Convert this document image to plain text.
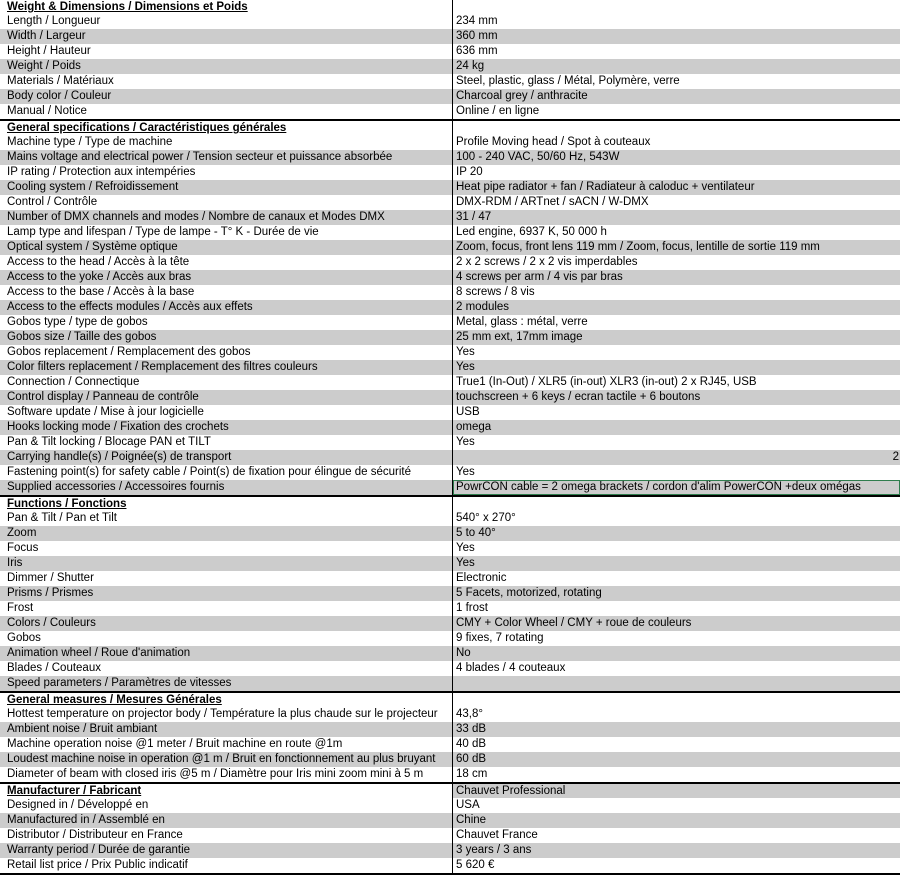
Weight & Dimensions / Dimensions et Poids
Length / Longueur	234 mm
Width / Largeur	360 mm
Height / Hauteur	636 mm
Weight / Poids	24 kg
Materials / Matériaux	Steel, plastic, glass / Métal, Polymère, verre
Body color / Couleur	Charcoal grey / anthracite
Manual / Notice	Online / en ligne
General specifications / Caractéristiques générales
Machine type / Type de machine	Profile Moving head / Spot à couteaux
Mains voltage and electrical power / Tension secteur et puissance absorbée	100 - 240 VAC, 50/60 Hz, 543W
IP rating / Protection aux intempéries	IP 20
Cooling system / Refroidissement	Heat pipe radiator + fan / Radiateur à caloduc + ventilateur
Control / Contrôle	DMX-RDM / ARTnet / sACN / W-DMX
Number of DMX channels and modes / Nombre de canaux et Modes DMX	31 / 47
Lamp type and lifespan / Type de lampe - T° K - Durée de vie	Led engine, 6937 K, 50 000 h
Optical system / Système optique	Zoom, focus, front lens 119 mm / Zoom, focus, lentille de sortie 119 mm
Access to the head / Accès à la tête	2 x 2 screws / 2 x 2 vis imperdables
Access to the yoke / Accès aux bras	4 screws per arm / 4 vis par bras
Access to the base / Accès à la base	8 screws / 8 vis
Access to the effects modules / Accès aux effets	2 modules
Gobos type / type de gobos	Metal, glass : métal, verre
Gobos size / Taille des gobos	25 mm ext, 17mm image
Gobos replacement / Remplacement des gobos	Yes
Color filters replacement / Remplacement des filtres couleurs	Yes
Connection / Connectique	True1 (In-Out) / XLR5 (in-out) XLR3 (in-out) 2 x RJ45, USB
Control display / Panneau de contrôle	touchscreen + 6 keys / ecran tactile + 6 boutons
Software update / Mise à jour logicielle	USB
Hooks locking mode / Fixation des crochets	omega
Pan & Tilt locking / Blocage PAN et TILT	Yes
Carrying handle(s) / Poignée(s) de transport	2
Fastening point(s) for safety cable / Point(s) de fixation pour élingue de sécurité	Yes
Supplied accessories / Accessoires fournis	PowrCON cable = 2 omega brackets / cordon d'alim PowerCON +deux omégas
Functions / Fonctions
Pan & Tilt / Pan et Tilt	540° x 270°
Zoom	5 to 40°
Focus	Yes
Iris	Yes
Dimmer / Shutter	Electronic
Prisms / Prismes	5 Facets, motorized, rotating
Frost	1 frost
Colors / Couleurs	CMY + Color Wheel / CMY + roue de couleurs
Gobos	9 fixes, 7 rotating
Animation wheel / Roue d'animation	No
Blades / Couteaux	4 blades / 4 couteaux
Speed parameters / Paramètres de vitesses
General measures / Mesures Générales
Hottest temperature on projector body / Température la plus chaude sur le projecteur	43,8°
Ambient noise / Bruit ambiant	33 dB
Machine operation noise @1 meter / Bruit machine en route @1m	40 dB
Loudest machine noise in operation @1 m / Bruit en fonctionnement au plus bruyant	60 dB
Diameter of beam with closed iris @5 m / Diamètre pour Iris mini zoom mini à 5 m	18 cm
Manufacturer / Fabricant	Chauvet Professional
Designed in / Développé en	USA
Manufactured in / Assemblé en	Chine
Distributor / Distributeur en France	Chauvet France
Warranty period / Durée de garantie	3 years / 3 ans
Retail list price / Prix Public indicatif	5 620 €
